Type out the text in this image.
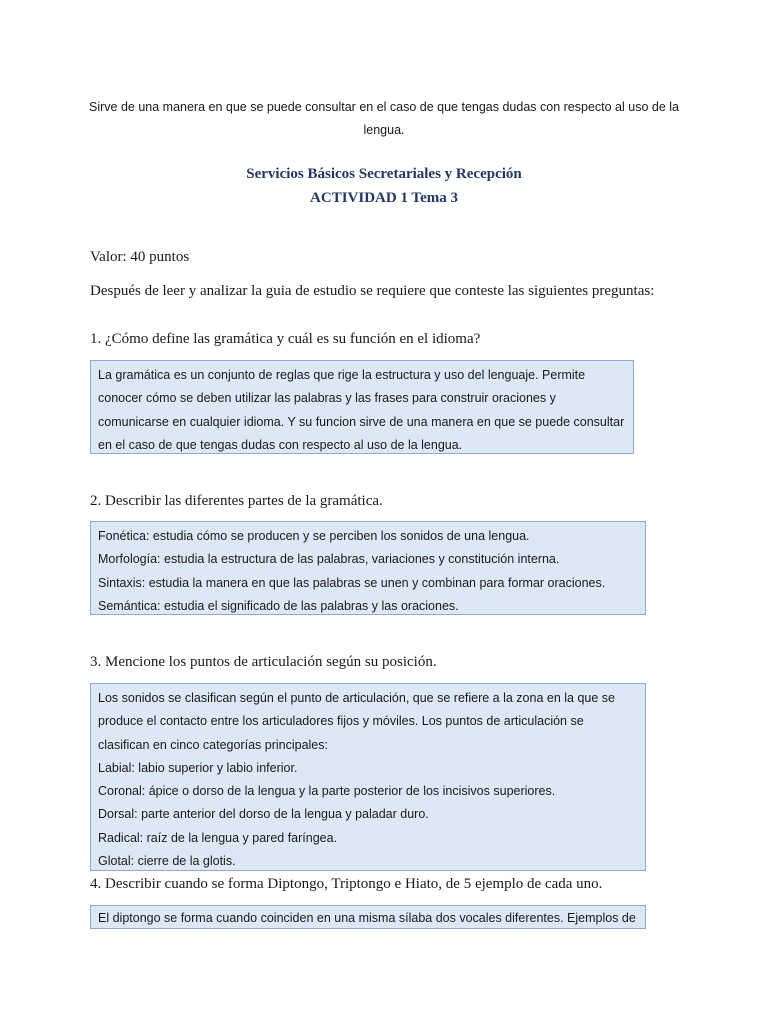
Sirve de una manera en que se puede consultar en el caso de que tengas dudas con respecto al uso de la
lengua.
Servicios Básicos Secretariales y Recepción
ACTIVIDAD 1 Tema 3
Valor: 40 puntos
Después de leer y analizar la guia de estudio se requiere que conteste las siguientes preguntas:
1. ¿Cómo define las gramática y cuál es su función en el idioma?
La gramática es un conjunto de reglas que rige la estructura y uso del lenguaje. Permite
conocer cómo se deben utilizar las palabras y las frases para construir oraciones y
comunicarse en cualquier idioma. Y su funcion sirve de una manera en que se puede consultar
en el caso de que tengas dudas con respecto al uso de la lengua.
2. Describir las diferentes partes de la gramática.
Fonética: estudia cómo se producen y se perciben los sonidos de una lengua.
Morfología: estudia la estructura de las palabras, variaciones y constitución interna.
Sintaxis: estudia la manera en que las palabras se unen y combinan para formar oraciones.
Semántica: estudia el significado de las palabras y las oraciones.
3. Mencione los puntos de articulación según su posición.
Los sonidos se clasifican según el punto de articulación, que se refiere a la zona en la que se
produce el contacto entre los articuladores fijos y móviles. Los puntos de articulación se
clasifican en cinco categorías principales:
Labial: labio superior y labio inferior.
Coronal: ápice o dorso de la lengua y la parte posterior de los incisivos superiores.
Dorsal: parte anterior del dorso de la lengua y paladar duro.
Radical: raíz de la lengua y pared faríngea.
Glotal: cierre de la glotis.
4. Describir cuando se forma Diptongo, Triptongo e Hiato, de 5 ejemplo de cada uno.
El diptongo se forma cuando coinciden en una misma sílaba dos vocales diferentes. Ejemplos de
